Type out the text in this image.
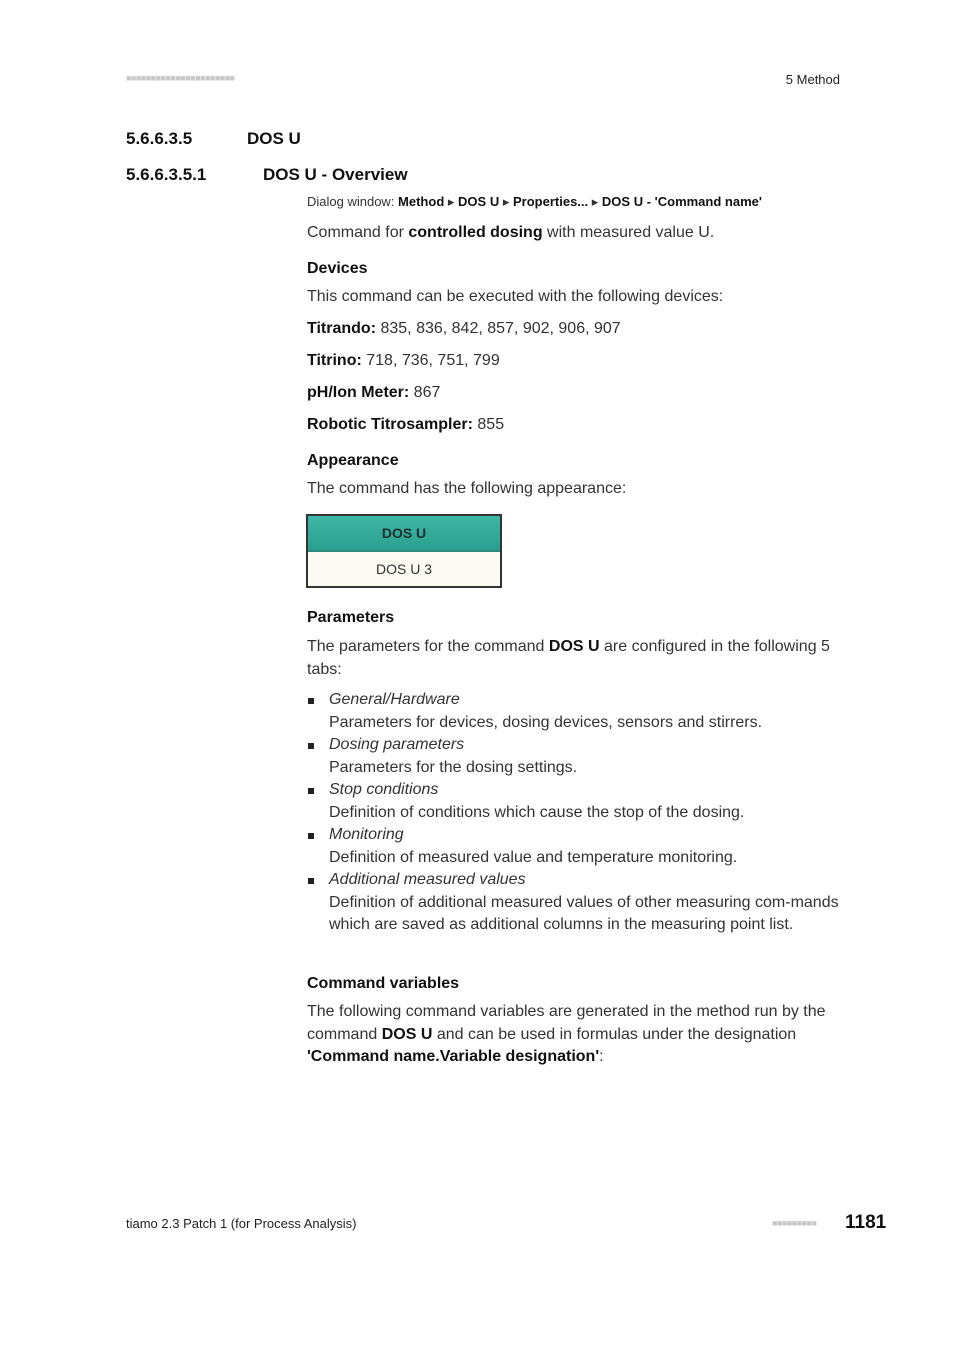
■■■■■■■■■■■■■■■■■■■■■■	5 Method
5.6.6.3.5	DOS U
5.6.6.3.5.1	DOS U - Overview
Dialog window: Method ▸ DOS U ▸ Properties... ▸ DOS U - 'Command name'
Command for controlled dosing with measured value U.
Devices
This command can be executed with the following devices:
Titrando: 835, 836, 842, 857, 902, 906, 907
Titrino: 718, 736, 751, 799
pH/Ion Meter: 867
Robotic Titrosampler: 855
Appearance
The command has the following appearance:
DOS U
DOS U 3
Parameters
The parameters for the command DOS U are configured in the following 5 tabs:
General/Hardware
Parameters for devices, dosing devices, sensors and stirrers.
Dosing parameters
Parameters for the dosing settings.
Stop conditions
Definition of conditions which cause the stop of the dosing.
Monitoring
Definition of measured value and temperature monitoring.
Additional measured values
Definition of additional measured values of other measuring com-mands which are saved as additional columns in the measuring point list.
Command variables
The following command variables are generated in the method run by the command DOS U and can be used in formulas under the designation 'Command name.Variable designation':
tiamo 2.3 Patch 1 (for Process Analysis)	■■■■■■■■■ 1181
